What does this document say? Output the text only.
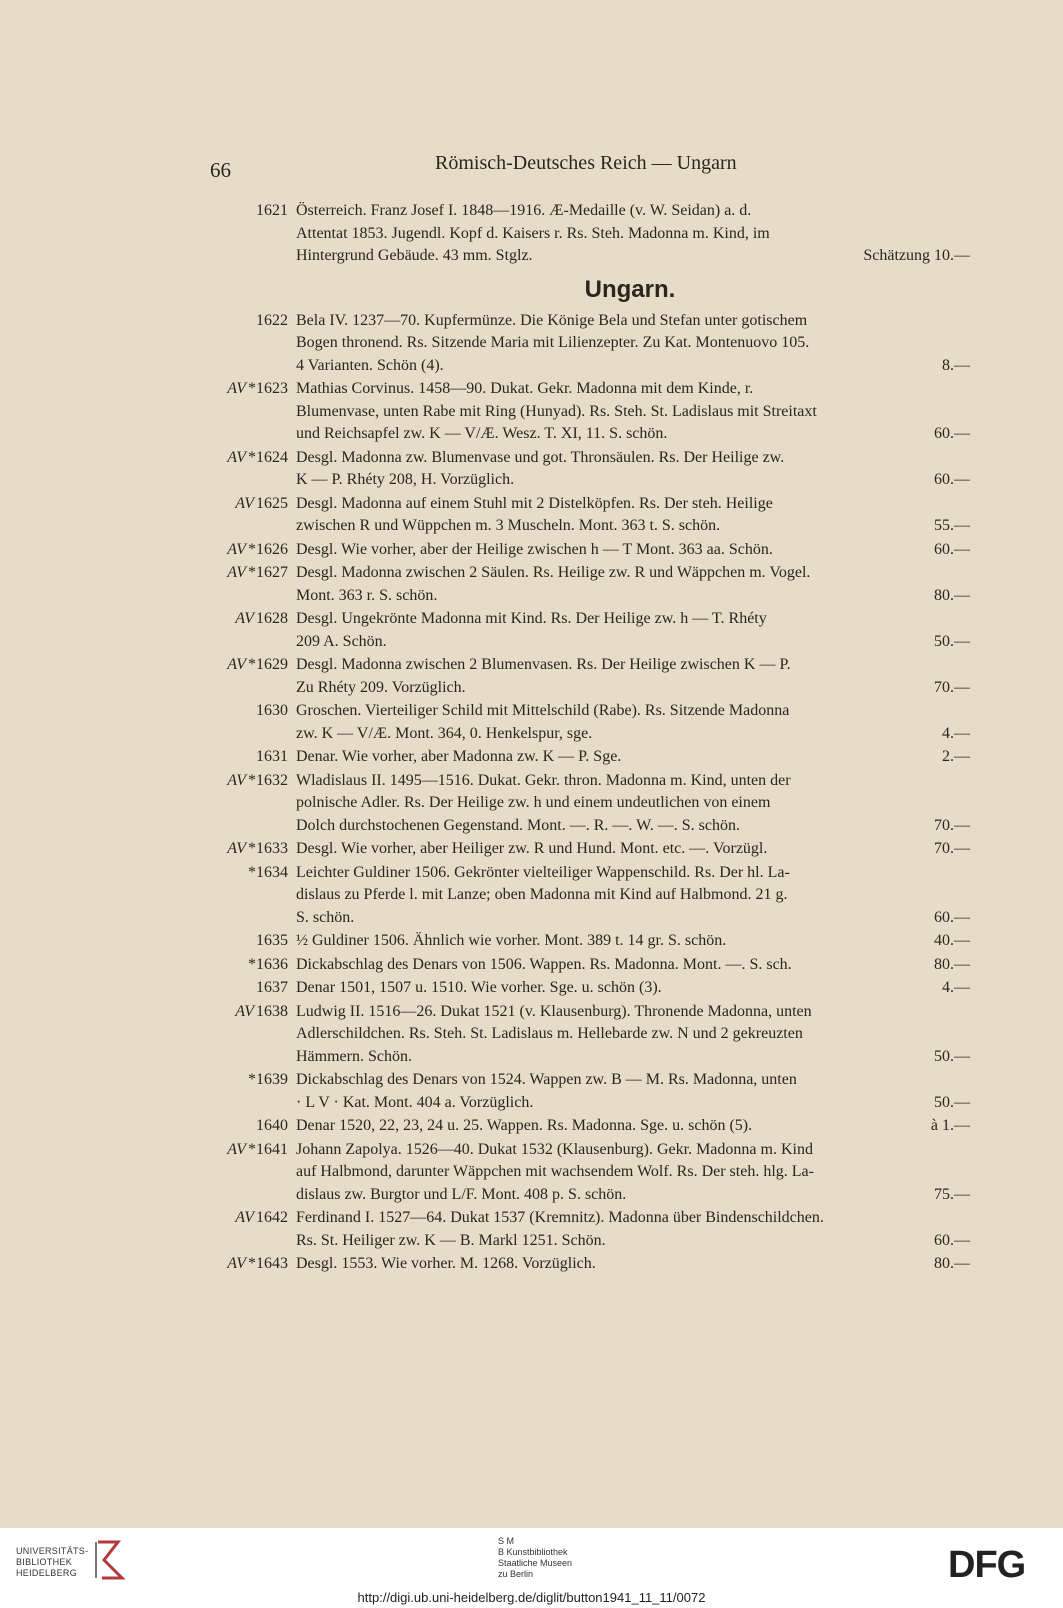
66	Römisch-Deutsches Reich — Ungarn
1621 Österreich. Franz Josef I. 1848—1916. Æ-Medaille (v. W. Seidan) a. d.
Attentat 1853. Jugendl. Kopf d. Kaisers r. Rs. Steh. Madonna m. Kind, im
Hintergrund Gebäude. 43 mm. Stglz.	Schätzung 10.—
Ungarn.
1622 Bela IV. 1237—70. Kupfermünze. Die Könige Bela und Stefan unter gotischem
Bogen thronend. Rs. Sitzende Maria mit Lilienzepter. Zu Kat. Montenuovo 105.
4 Varianten. Schön (4).	8.—
AV *1623 Mathias Corvinus. 1458—90. Dukat. Gekr. Madonna mit dem Kinde, r.
Blumenvase, unten Rabe mit Ring (Hunyad). Rs. Steh. St. Ladislaus mit Streitaxt
und Reichsapfel zw. K — V/Æ. Wesz. T. XI, 11. S. schön.	60.—
AV *1624 Desgl. Madonna zw. Blumenvase und got. Thronsäulen. Rs. Der Heilige zw.
K — P. Rhéty 208, H. Vorzüglich.	60.—
AV 1625 Desgl. Madonna auf einem Stuhl mit 2 Distelköpfen. Rs. Der steh. Heilige
zwischen R und Wüppchen m. 3 Muscheln. Mont. 363 t. S. schön.	55.—
AV *1626 Desgl. Wie vorher, aber der Heilige zwischen h — T Mont. 363 aa. Schön.	60.—
AV *1627 Desgl. Madonna zwischen 2 Säulen. Rs. Heilige zw. R und Wäppchen m. Vogel.
Mont. 363 r. S. schön.	80.—
AV 1628 Desgl. Ungekrönte Madonna mit Kind. Rs. Der Heilige zw. h — T. Rhéty
209 A. Schön.	50.—
AV *1629 Desgl. Madonna zwischen 2 Blumenvasen. Rs. Der Heilige zwischen K — P.
Zu Rhéty 209. Vorzüglich.	70.—
1630 Groschen. Vierteiliger Schild mit Mittelschild (Rabe). Rs. Sitzende Madonna
zw. K — V/Æ. Mont. 364, 0. Henkelspur, sge.	4.—
1631 Denar. Wie vorher, aber Madonna zw. K — P. Sge.	2.—
AV *1632 Wladislaus II. 1495—1516. Dukat. Gekr. thron. Madonna m. Kind, unten der
polnische Adler. Rs. Der Heilige zw. h und einem undeutlichen von einem
Dolch durchstochenen Gegenstand. Mont. —. R. —. W. —. S. schön.	70.—
AV *1633 Desgl. Wie vorher, aber Heiliger zw. R und Hund. Mont. etc. —. Vorzügl.	70.—
*1634 Leichter Guldiner 1506. Gekrönter vielteiliger Wappenschild. Rs. Der hl. La-
dislaus zu Pferde l. mit Lanze; oben Madonna mit Kind auf Halbmond. 21 g.
S. schön.	60.—
1635 ½ Guldiner 1506. Ähnlich wie vorher. Mont. 389 t. 14 gr. S. schön.	40.—
*1636 Dickabschlag des Denars von 1506. Wappen. Rs. Madonna. Mont. —. S. sch.	80.—
1637 Denar 1501, 1507 u. 1510. Wie vorher. Sge. u. schön (3).	4.—
AV 1638 Ludwig II. 1516—26. Dukat 1521 (v. Klausenburg). Thronende Madonna, unten
Adlerschildchen. Rs. Steh. St. Ladislaus m. Hellebarde zw. N und 2 gekreuzten
Hämmern. Schön.	50.—
*1639 Dickabschlag des Denars von 1524. Wappen zw. B — M. Rs. Madonna, unten
· L V · Kat. Mont. 404 a. Vorzüglich.	50.—
1640 Denar 1520, 22, 23, 24 u. 25. Wappen. Rs. Madonna. Sge. u. schön (5).	à 1.—
AV *1641 Johann Zapolya. 1526—40. Dukat 1532 (Klausenburg). Gekr. Madonna m. Kind
auf Halbmond, darunter Wäppchen mit wachsendem Wolf. Rs. Der steh. hlg. La-
dislaus zw. Burgtor und L/F. Mont. 408 p. S. schön.	75.—
AV 1642 Ferdinand I. 1527—64. Dukat 1537 (Kremnitz). Madonna über Bindenschildchen.
Rs. St. Heiliger zw. K — B. Markl 1251. Schön.	60.—
AV *1643 Desgl. 1553. Wie vorher. M. 1268. Vorzüglich.	80.—
UNIVERSITÄTS-
BIBLIOTHEK
HEIDELBERG
S M
B Kunstbibliothek
Staatliche Museen
zu Berlin	DFG
http://digi.ub.uni-heidelberg.de/diglit/button1941_11_11/0072
